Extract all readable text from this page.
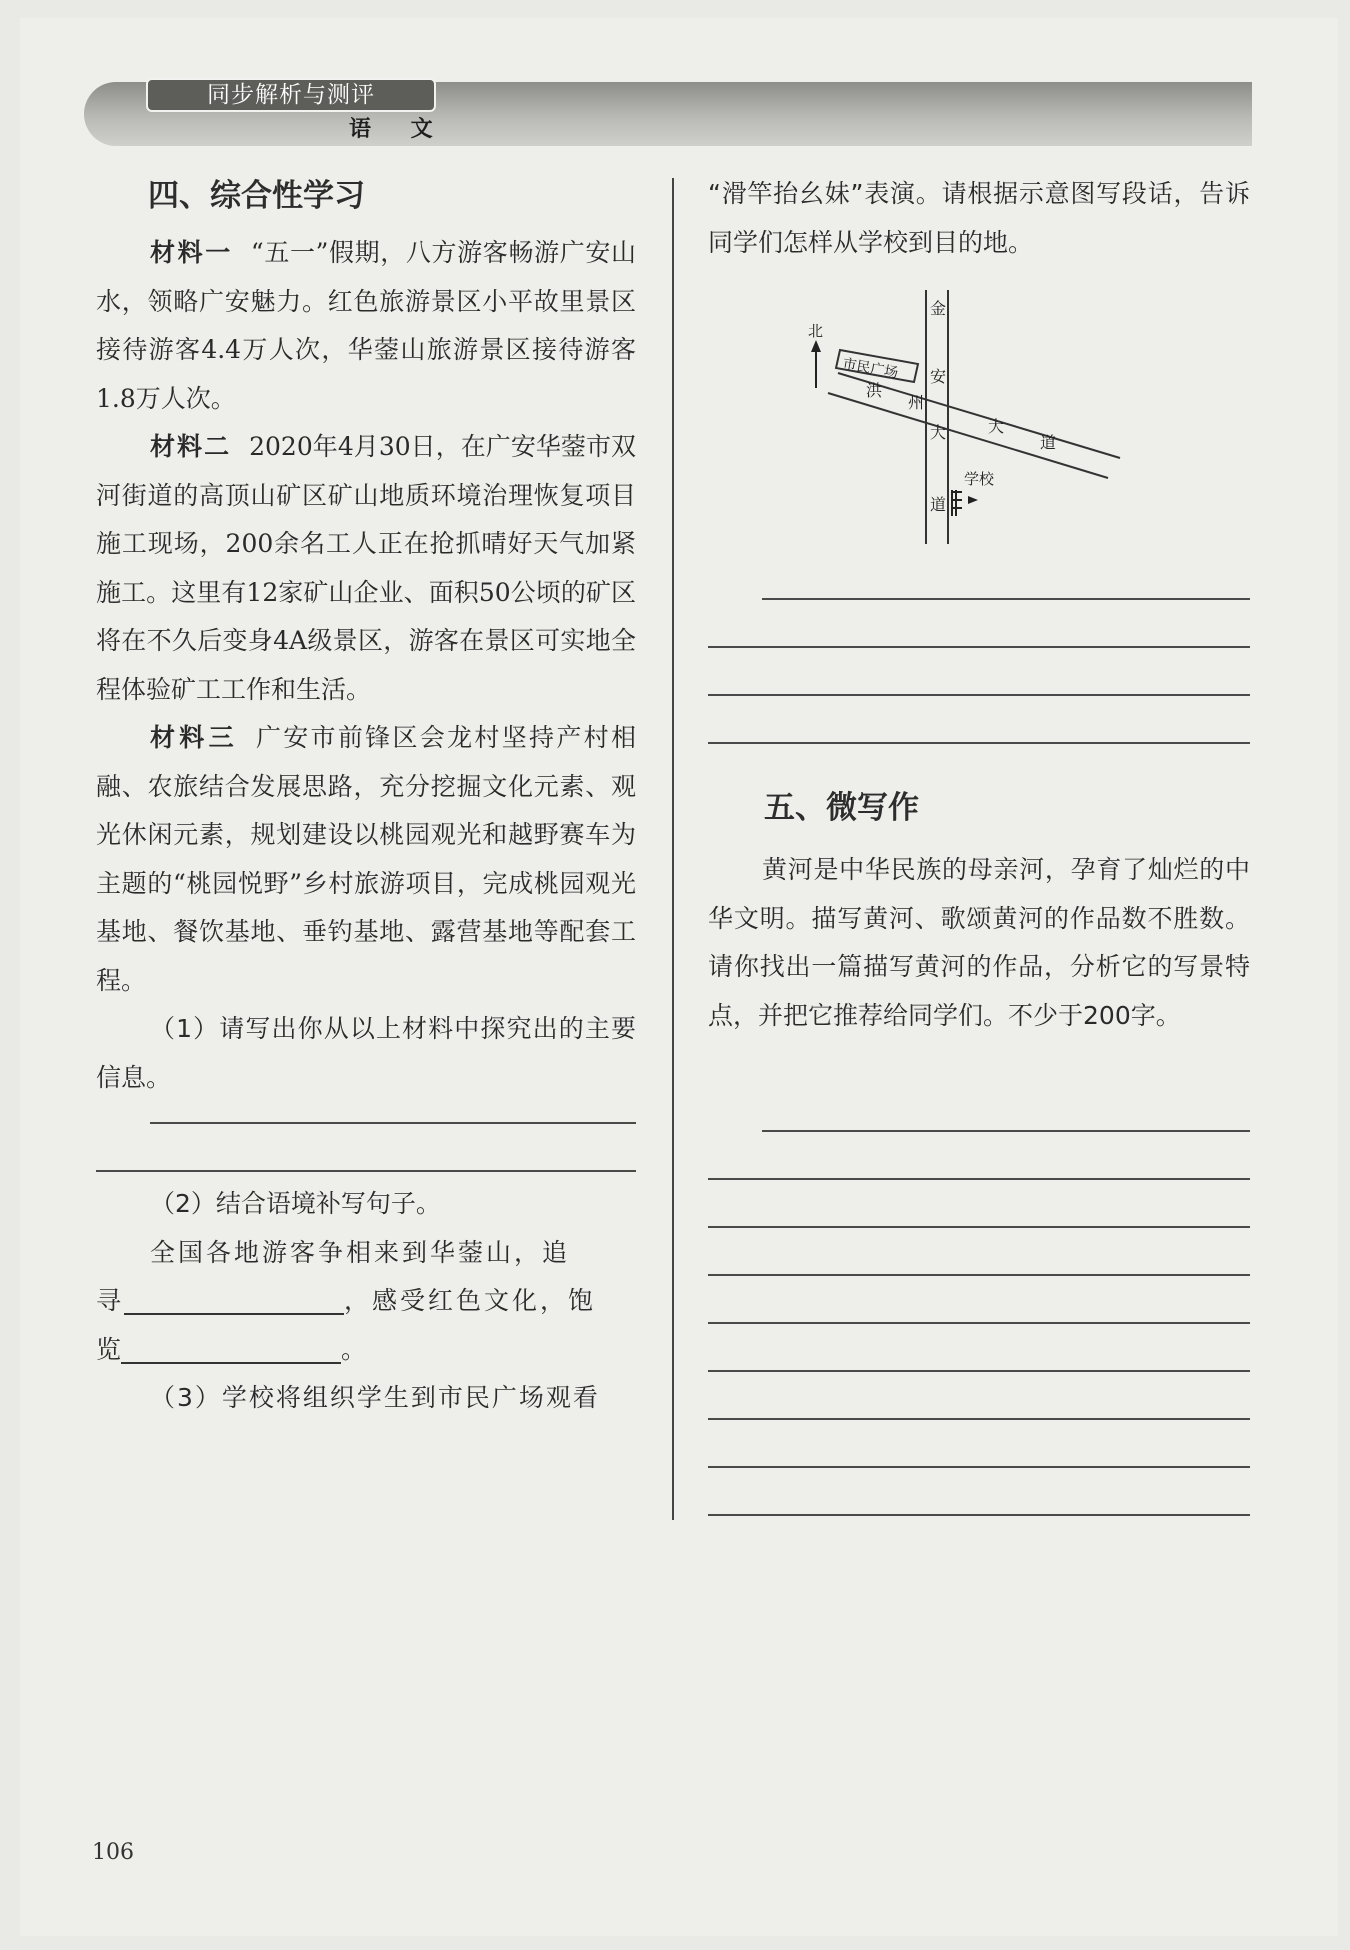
同步解析与测评
语 文
四、综合性学习

材料一 “五一”假期，八方游客畅游广安山水，领略广安魅力。红色旅游景区小平故里景区接待游客4.4万人次，华蓥山旅游景区接待游客1.8万人次。

材料二 2020年4月30日，在广安华蓥市双河街道的高顶山矿区矿山地质环境治理恢复项目施工现场，200余名工人正在抢抓晴好天气加紧施工。这里有12家矿山企业、面积50公顷的矿区将在不久后变身4A级景区，游客在景区可实地全程体验矿工工作和生活。

材料三 广安市前锋区会龙村坚持产村相融、农旅结合发展思路，充分挖掘文化元素、观光休闲元素，规划建设以桃园观光和越野赛车为主题的“桃园悦野”乡村旅游项目，完成桃园观光基地、餐饮基地、垂钓基地、露营基地等配套工程。

（1）请写出你从以上材料中探究出的主要信息。

（2）结合语境补写句子。

全国各地游客争相来到华蓥山，追

寻	，感受红色文化，饱

览	。

（3）学校将组织学生到市民广场观看

“滑竿抬幺妹”表演。请根据示意图写段话，告诉同学们怎样从学校到目的地。

市民广场
北
金
安
大
道
洪
州
大
道
学校
五、微写作

黄河是中华民族的母亲河，孕育了灿烂的中华文明。描写黄河、歌颂黄河的作品数不胜数。请你找出一篇描写黄河的作品，分析它的写景特点，并把它推荐给同学们。不少于200字。

106
